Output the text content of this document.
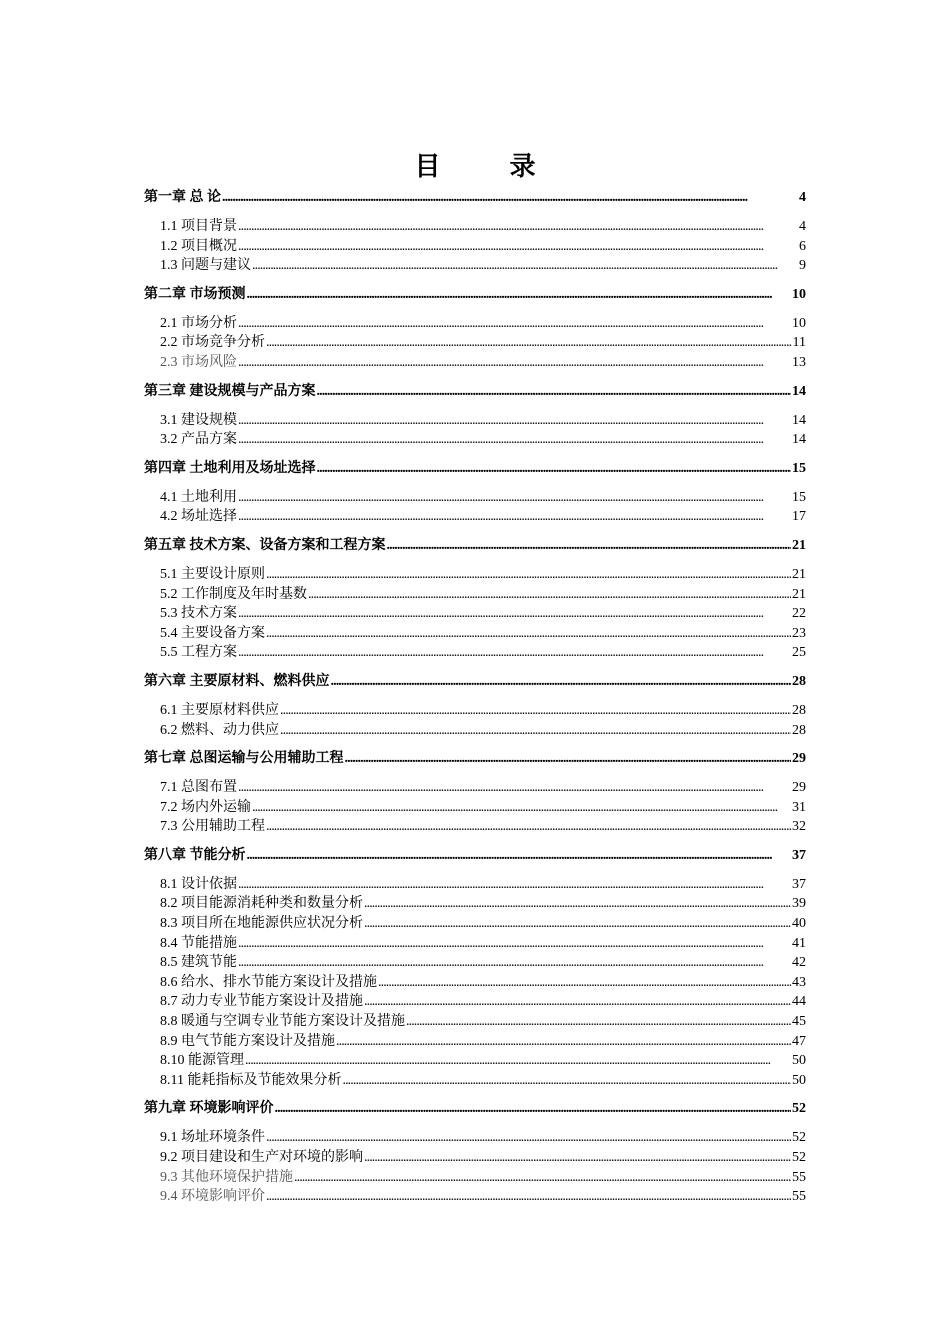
目 录
第一章 总 论 . . .	4
1.1 项目背景 . . .	4
1.2 项目概况 . . .	6
1.3 问题与建议 . . .	9
第二章 市场预测 . . .	10
2.1 市场分析 . . .	10
2.2 市场竞争分析 . . .	11
2.3 市场风险 . . .	13
第三章 建设规模与产品方案 . . .	14
3.1 建设规模 . . .	14
3.2 产品方案 . . .	14
第四章 土地利用及场址选择 . . .	15
4.1 土地利用 . . .	15
4.2 场址选择 . . .	17
第五章 技术方案、设备方案和工程方案 . . .	21
5.1 主要设计原则 . . .	21
5.2 工作制度及年时基数 . . .	21
5.3 技术方案 . . .	22
5.4 主要设备方案 . . .	23
5.5 工程方案 . . .	25
第六章 主要原材料、燃料供应 . . .	28
6.1 主要原材料供应 . . .	28
6.2 燃料、动力供应 . . .	28
第七章 总图运输与公用辅助工程 . . .	29
7.1 总图布置 . . .	29
7.2 场内外运输 . . .	31
7.3 公用辅助工程 . . .	32
第八章 节能分析 . . .	37
8.1 设计依据 . . .	37
8.2 项目能源消耗种类和数量分析 . . .	39
8.3 项目所在地能源供应状况分析 . . .	40
8.4 节能措施 . . .	41
8.5 建筑节能 . . .	42
8.6 给水、排水节能方案设计及措施 . . .	43
8.7 动力专业节能方案设计及措施 . . .	44
8.8 暖通与空调专业节能方案设计及措施 . . .	45
8.9 电气节能方案设计及措施 . . .	47
8.10 能源管理 . . .	50
8.11 能耗指标及节能效果分析 . . .	50
第九章 环境影响评价 . . .	52
9.1 场址环境条件 . . .	52
9.2 项目建设和生产对环境的影响 . . .	52
9.3 其他环境保护措施 . . .	55
9.4 环境影响评价 . . .	55
